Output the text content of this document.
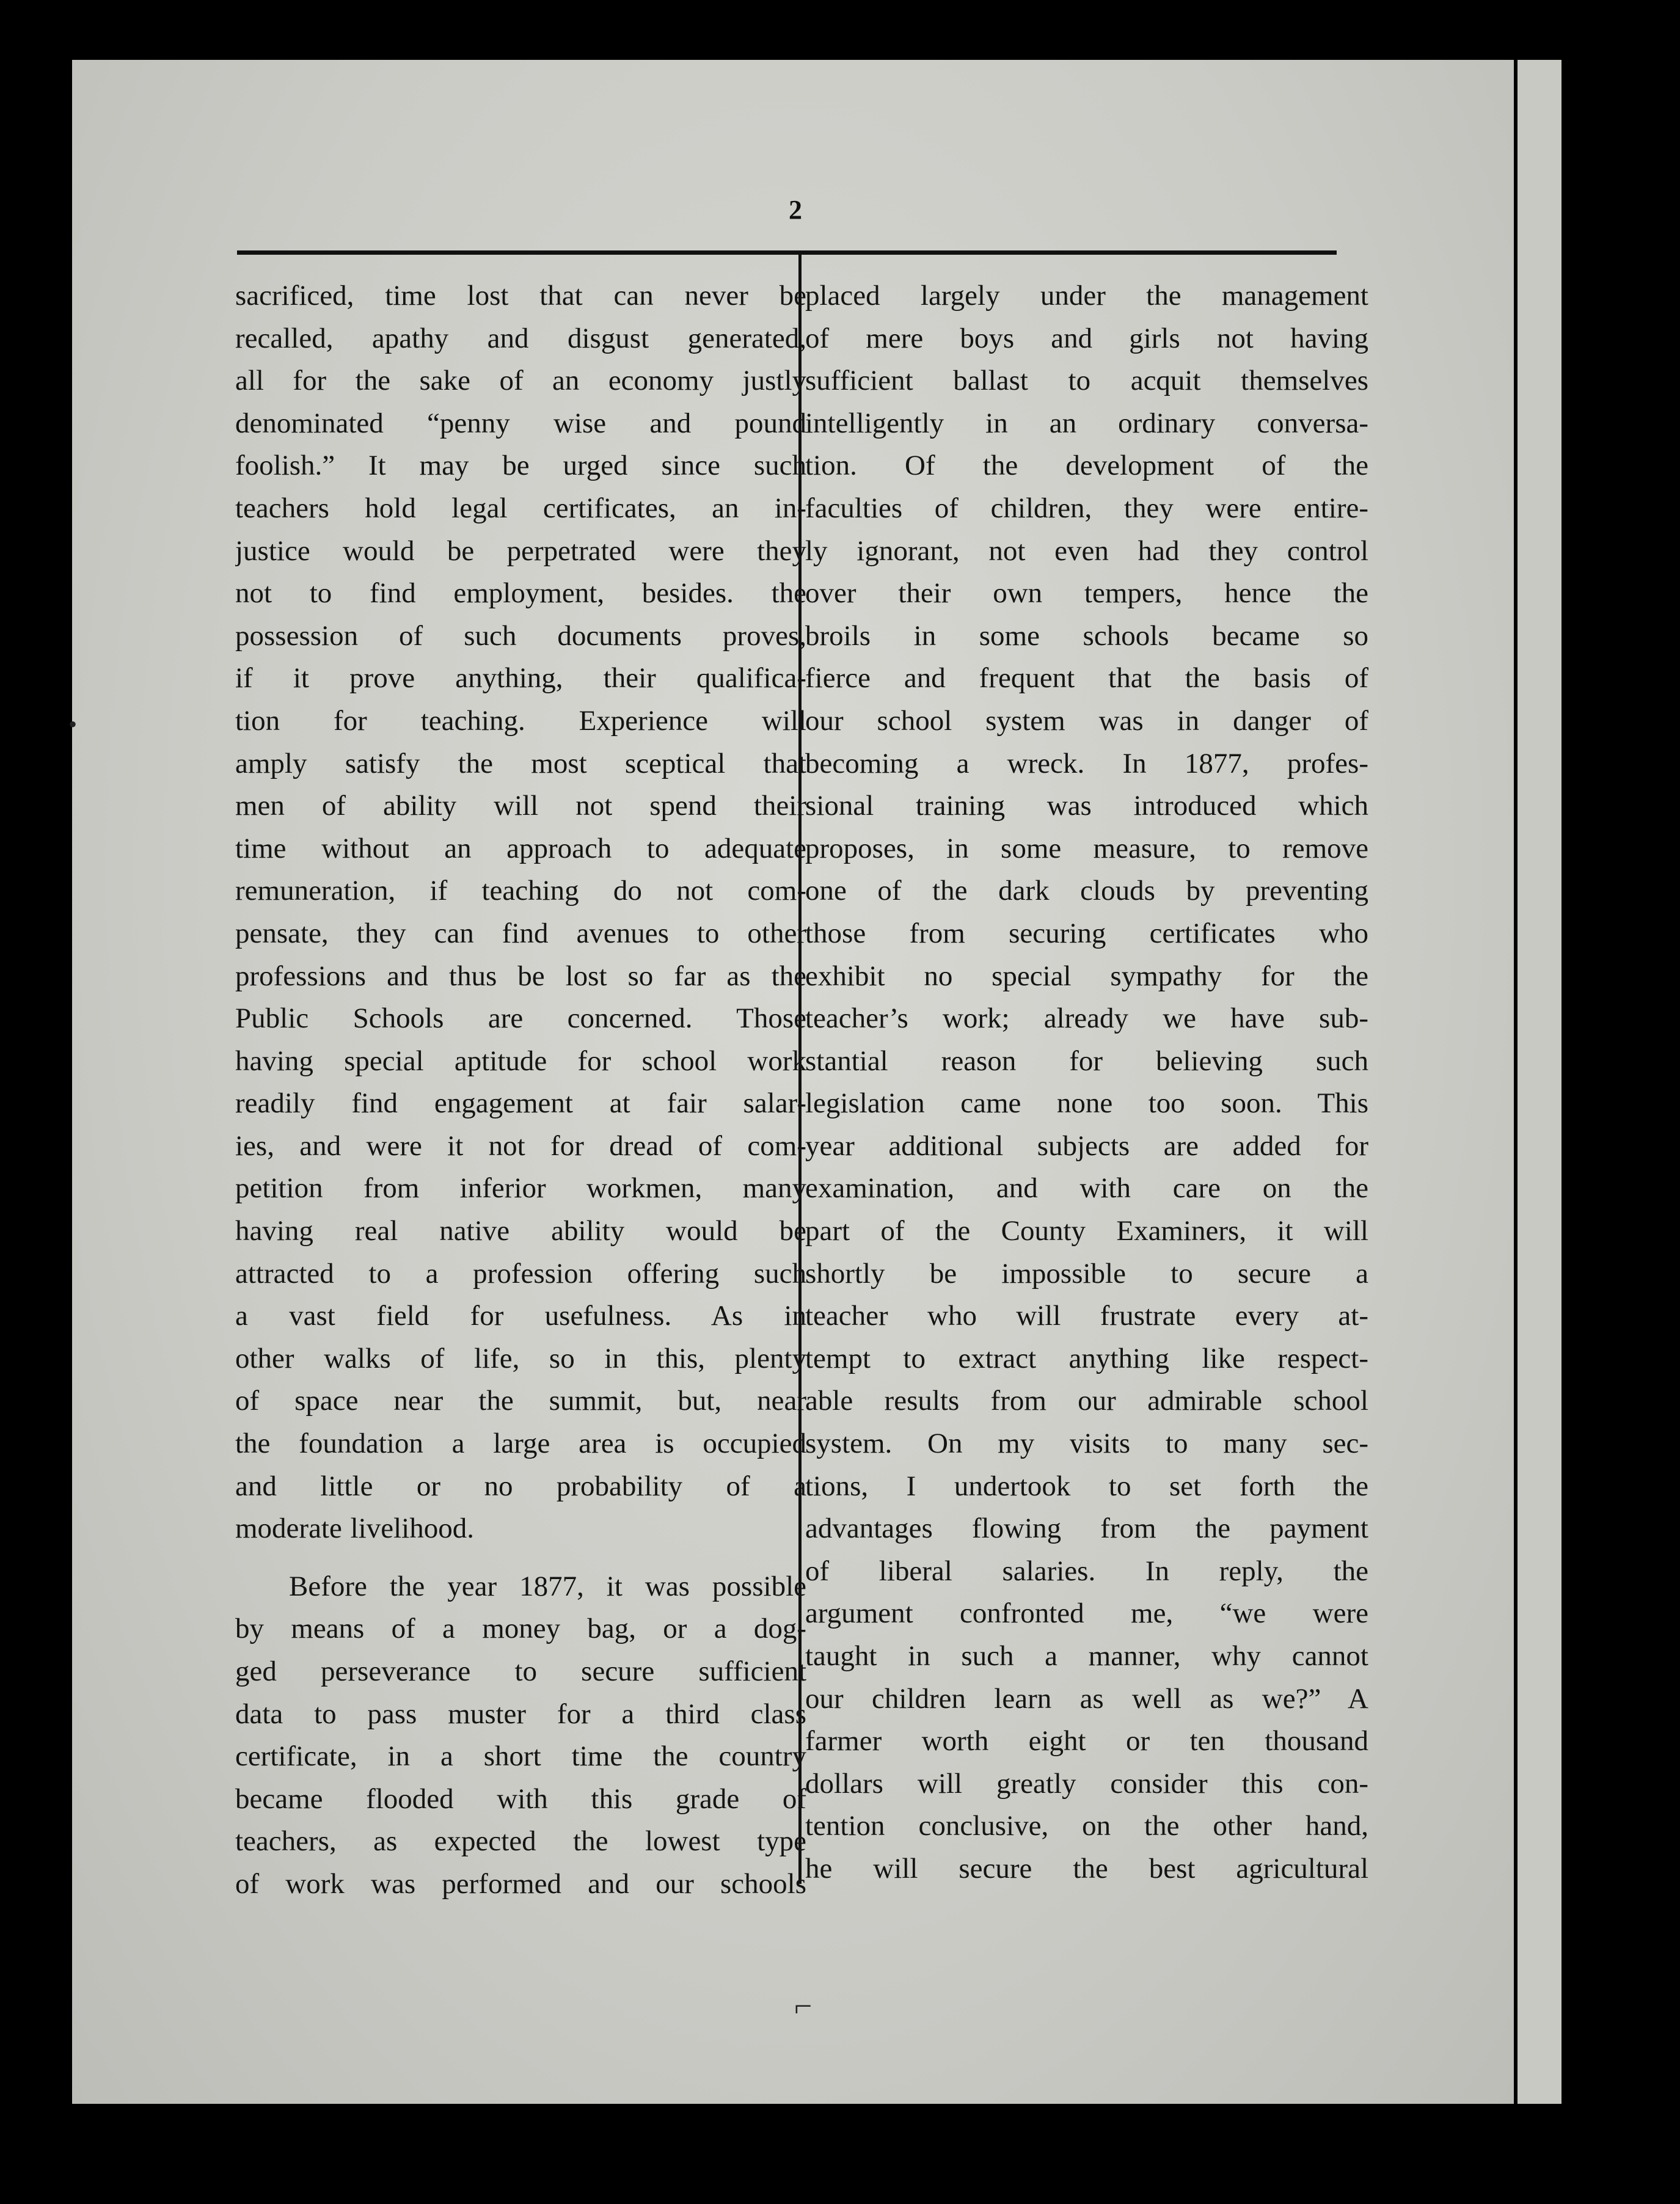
2
sacrificed, time lost that can never be
recalled, apathy and disgust generated,
all for the sake of an economy justly
denominated “penny wise and pound
foolish.” It may be urged since such
teachers hold legal certificates, an in-
justice would be perpetrated were they
not to find employment, besides. the
possession of such documents proves,
if it prove anything, their qualifica-
tion for teaching. Experience will
amply satisfy the most sceptical that
men of ability will not spend their
time without an approach to adequate
remuneration, if teaching do not com-
pensate, they can find avenues to other
professions and thus be lost so far as the
Public Schools are concerned. Those
having special aptitude for school work
readily find engagement at fair salar-
ies, and were it not for dread of com-
petition from inferior workmen, many
having real native ability would be
attracted to a profession offering such
a vast field for usefulness. As in
other walks of life, so in this, plenty
of space near the summit, but, near
the foundation a large area is occupied
and little or no probability of a
moderate livelihood.
Before the year 1877, it was possible
by means of a money bag, or a dog-
ged perseverance to secure sufficient
data to pass muster for a third class
certificate, in a short time the country
became flooded with this grade of
teachers, as expected the lowest type
of work was performed and our schools
placed largely under the management
of mere boys and girls not having
sufficient ballast to acquit themselves
intelligently in an ordinary conversa-
tion. Of the development of the
faculties of children, they were entire-
ly ignorant, not even had they control
over their own tempers, hence the
broils in some schools became so
fierce and frequent that the basis of
our school system was in danger of
becoming a wreck. In 1877, profes-
sional training was introduced which
proposes, in some measure, to remove
one of the dark clouds by preventing
those from securing certificates who
exhibit no special sympathy for the
teacher’s work; already we have sub-
stantial reason for believing such
legislation came none too soon. This
year additional subjects are added for
examination, and with care on the
part of the County Examiners, it will
shortly be impossible to secure a
teacher who will frustrate every at-
tempt to extract anything like respect-
able results from our admirable school
system. On my visits to many sec-
tions, I undertook to set forth the
advantages flowing from the payment
of liberal salaries. In reply, the
argument confronted me, “we were
taught in such a manner, why cannot
our children learn as well as we?” A
farmer worth eight or ten thousand
dollars will greatly consider this con-
tention conclusive, on the other hand,
he will secure the best agricultural
•
⌐
